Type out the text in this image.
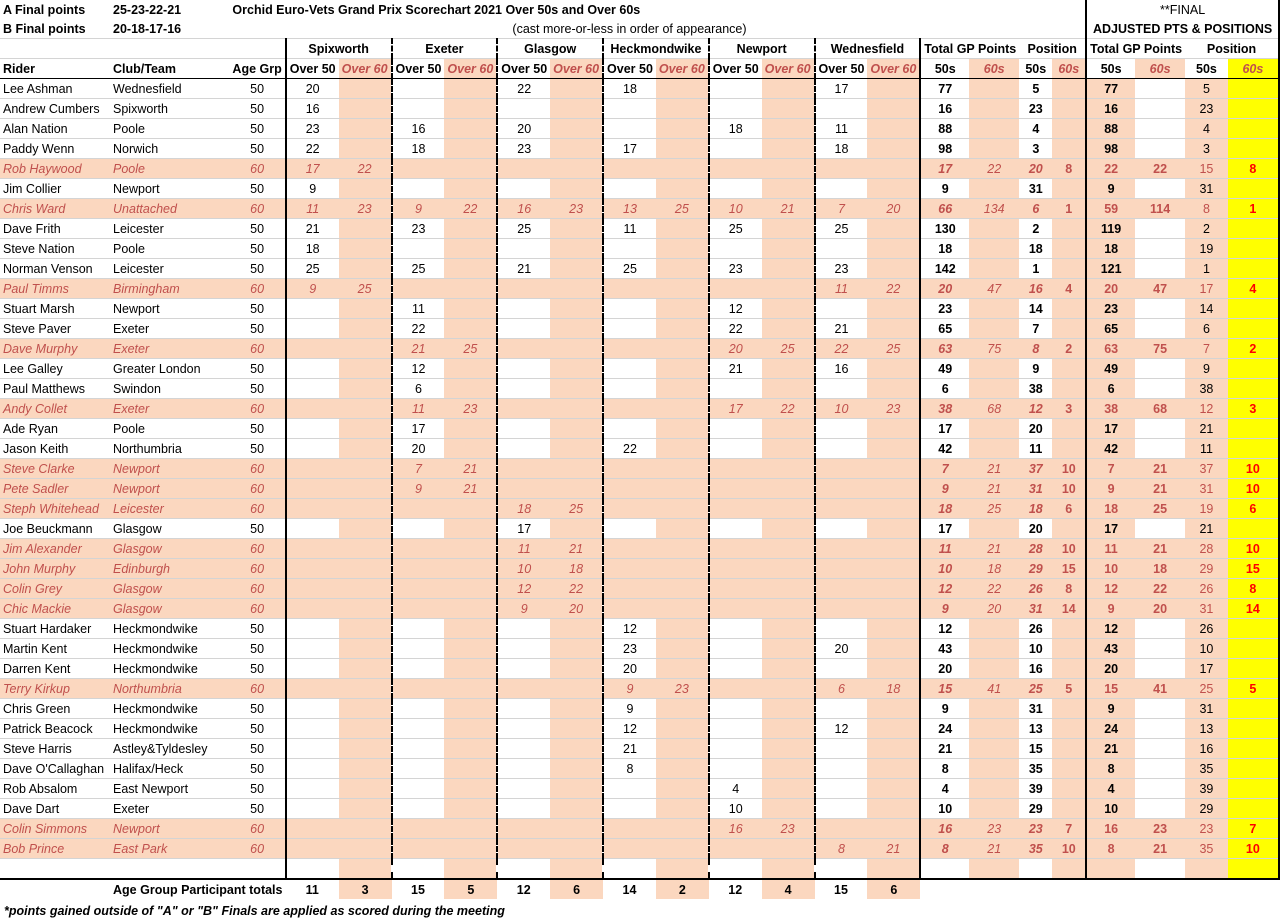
A Final points	25-23-22-21	Orchid Euro-Vets Grand Prix Scorechart 2021 Over 50s and Over 60s																	**FINAL			
B Final points	20-18-17-16			(cast more-or-less in order of appearance)															ADJUSTED PTS & POSITIONS			
			Spixworth		Exeter		Glasgow		Heckmondwike		Newport		Wednesfield		Total GP Points		Position		Total GP Points		Position	
Rider	Club/Team	Age Grp	Over 50	Over 60	Over 50	Over 60	Over 50	Over 60	Over 50	Over 60	Over 50	Over 60	Over 50	Over 60	50s	60s	50s	60s	50s	60s	50s	60s
Lee Ashman	Wednesfield	50	20				22		18				17		77		5		77		5	
Andrew Cumbers	Spixworth	50	16												16		23		16		23	
Alan Nation	Poole	50	23		16		20				18		11		88		4		88		4	
Paddy Wenn	Norwich	50	22		18		23		17				18		98		3		98		3	
Rob Haywood	Poole	60	17	22											17	22	20	8	22	22	15	8
Jim Collier	Newport	50	9												9		31		9		31	
Chris Ward	Unattached	60	11	23	9	22	16	23	13	25	10	21	7	20	66	134	6	1	59	114	8	1
Dave Frith	Leicester	50	21		23		25		11		25		25		130		2		119		2	
Steve Nation	Poole	50	18												18		18		18		19	
Norman Venson	Leicester	50	25		25		21		25		23		23		142		1		121		1	
Paul Timms	Birmingham	60	9	25									11	22	20	47	16	4	20	47	17	4
Stuart Marsh	Newport	50			11						12				23		14		23		14	
Steve Paver	Exeter	50			22						22		21		65		7		65		6	
Dave Murphy	Exeter	60			21	25					20	25	22	25	63	75	8	2	63	75	7	2
Lee Galley	Greater London	50			12						21		16		49		9		49		9	
Paul Matthews	Swindon	50			6										6		38		6		38	
Andy Collet	Exeter	60			11	23					17	22	10	23	38	68	12	3	38	68	12	3
Ade Ryan	Poole	50			17										17		20		17		21	
Jason Keith	Northumbria	50			20				22						42		11		42		11	
Steve Clarke	Newport	60			7	21									7	21	37	10	7	21	37	10
Pete Sadler	Newport	60			9	21									9	21	31	10	9	21	31	10
Steph Whitehead	Leicester	60					18	25							18	25	18	6	18	25	19	6
Joe Beuckmann	Glasgow	50					17								17		20		17		21	
Jim Alexander	Glasgow	60					11	21							11	21	28	10	11	21	28	10
John Murphy	Edinburgh	60					10	18							10	18	29	15	10	18	29	15
Colin Grey	Glasgow	60					12	22							12	22	26	8	12	22	26	8
Chic Mackie	Glasgow	60					9	20							9	20	31	14	9	20	31	14
Stuart Hardaker	Heckmondwike	50							12						12		26		12		26	
Martin Kent	Heckmondwike	50							23				20		43		10		43		10	
Darren Kent	Heckmondwike	50							20						20		16		20		17	
Terry Kirkup	Northumbria	60							9	23			6	18	15	41	25	5	15	41	25	5
Chris Green	Heckmondwike	50							9						9		31		9		31	
Patrick Beacock	Heckmondwike	50							12				12		24		13		24		13	
Steve Harris	Astley&Tyldesley	50							21						21		15		21		16	
Dave O'Callaghan	Halifax/Heck	50							8						8		35		8		35	
Rob Absalom	East Newport	50									4				4		39		4		39	
Dave Dart	Exeter	50									10				10		29		10		29	
Colin Simmons	Newport	60									16	23			16	23	23	7	16	23	23	7
Bob Prince	East Park	60											8	21	8	21	35	10	8	21	35	10

	Age Group Participant totals		11	3	15	5	12	6	14	2	12	4	15	6								
*points gained outside of "A" or "B" Finals are applied as scored during the meeting
